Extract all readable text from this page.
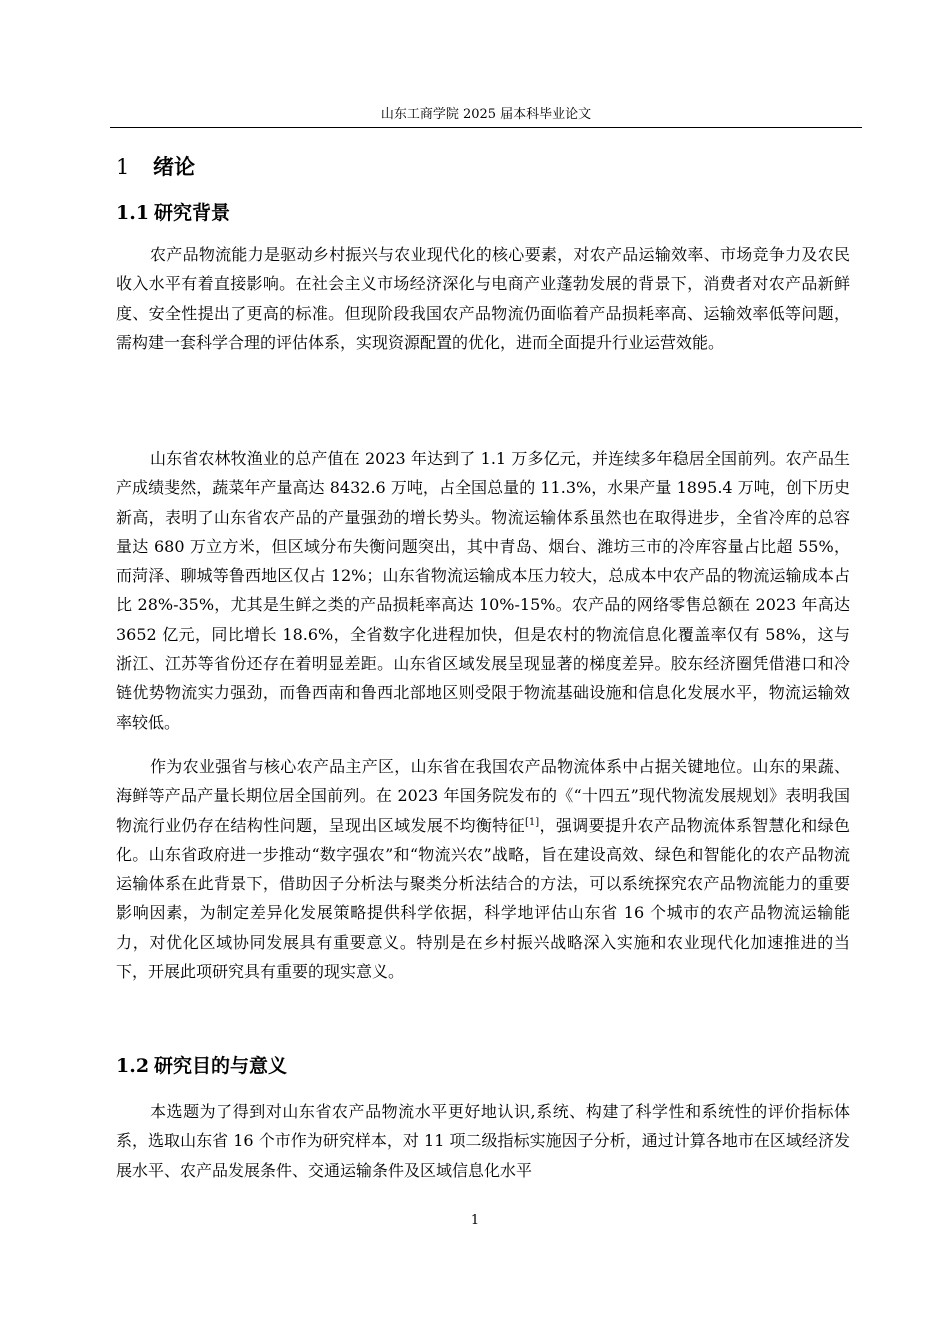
山东工商学院 2025 届本科毕业论文
1 绪论
1.1 研究背景

农产品物流能力是驱动乡村振兴与农业现代化的核心要素，对农产品运输效率、市场竞争力及农民收入水平有着直接影响。在社会主义市场经济深化与电商产业蓬勃发展的背景下，消费者对农产品新鲜度、安全性提出了更高的标准。但现阶段我国农产品物流仍面临着产品损耗率高、运输效率低等问题，需构建一套科学合理的评估体系，实现资源配置的优化，进而全面提升行业运营效能。

山东省农林牧渔业的总产值在 2023 年达到了 1.1 万多亿元，并连续多年稳居全国前列。农产品生产成绩斐然，蔬菜年产量高达 8432.6 万吨，占全国总量的 11.3%，水果产量 1895.4 万吨，创下历史新高，表明了山东省农产品的产量强劲的增长势头。物流运输体系虽然也在取得进步，全省冷库的总容量达 680 万立方米，但区域分布失衡问题突出，其中青岛、烟台、潍坊三市的冷库容量占比超 55%，而菏泽、聊城等鲁西地区仅占 12%；山东省物流运输成本压力较大，总成本中农产品的物流运输成本占比 28%-35%，尤其是生鲜之类的产品损耗率高达 10%-15%。农产品的网络零售总额在 2023 年高达 3652 亿元，同比增长 18.6%，全省数字化进程加快，但是农村的物流信息化覆盖率仅有 58%，这与浙江、江苏等省份还存在着明显差距。山东省区域发展呈现显著的梯度差异。胶东经济圈凭借港口和冷链优势物流实力强劲，而鲁西南和鲁西北部地区则受限于物流基础设施和信息化发展水平，物流运输效率较低。

作为农业强省与核心农产品主产区，山东省在我国农产品物流体系中占据关键地位。山东的果蔬、海鲜等产品产量长期位居全国前列。在 2023 年国务院发布的《“十四五”现代物流发展规划》表明我国物流行业仍存在结构性问题，呈现出区域发展不均衡特征[1]，强调要提升农产品物流体系智慧化和绿色化。山东省政府进一步推动“数字强农”和“物流兴农”战略，旨在建设高效、绿色和智能化的农产品物流运输体系在此背景下，借助因子分析法与聚类分析法结合的方法，可以系统探究农产品物流能力的重要影响因素，为制定差异化发展策略提供科学依据，科学地评估山东省 16 个城市的农产品物流运输能力，对优化区域协同发展具有重要意义。特别是在乡村振兴战略深入实施和农业现代化加速推进的当下，开展此项研究具有重要的现实意义。

1.2 研究目的与意义

本选题为了得到对山东省农产品物流水平更好地认识,系统、构建了科学性和系统性的评价指标体系，选取山东省 16 个市作为研究样本，对 11 项二级指标实施因子分析，通过计算各地市在区域经济发展水平、农产品发展条件、交通运输条件及区域信息化水平

1
